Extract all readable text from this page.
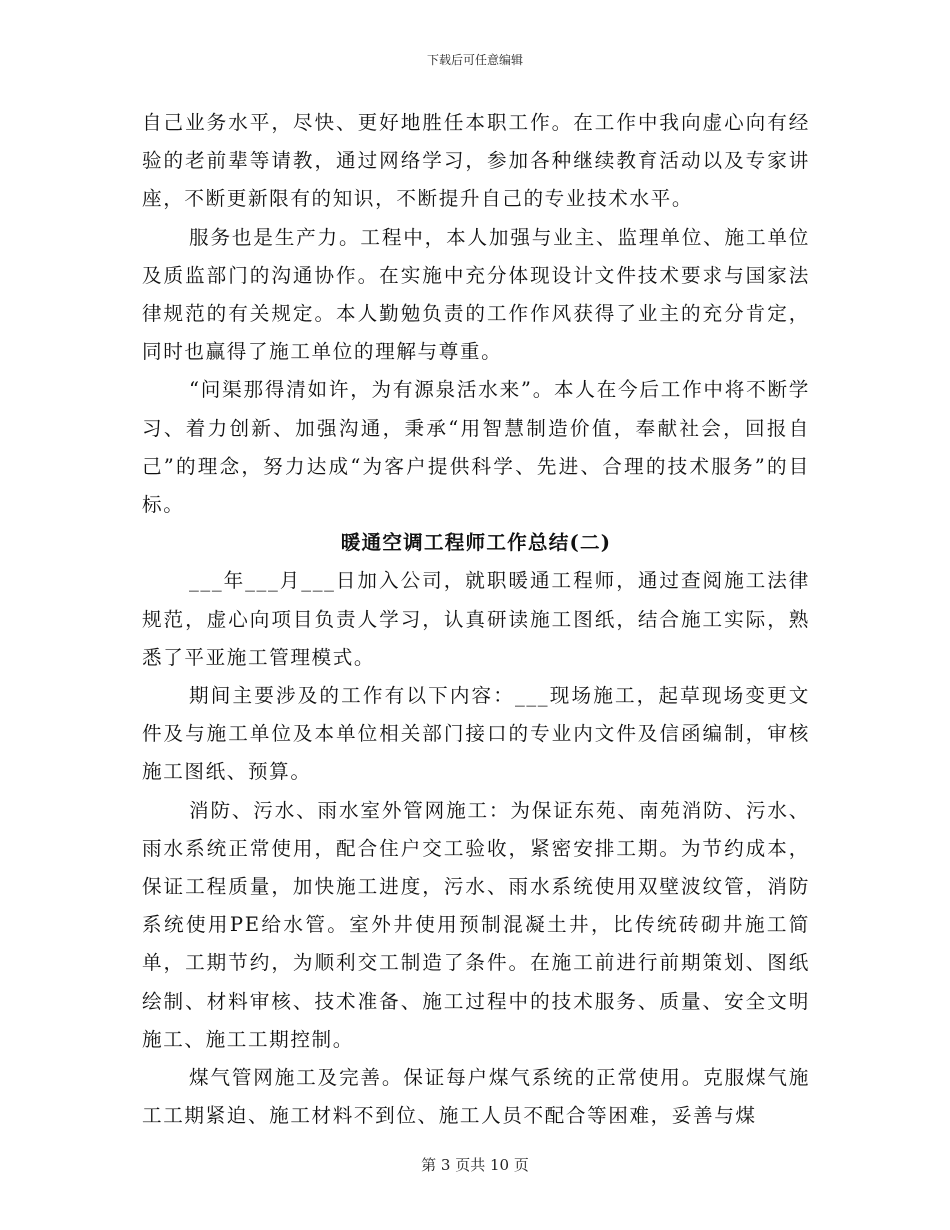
下载后可任意编辑

自己业务水平，尽快、更好地胜任本职工作。在工作中我向虚心向有经验的老前辈等请教，通过网络学习，参加各种继续教育活动以及专家讲座，不断更新限有的知识，不断提升自己的专业技术水平。

服务也是生产力。工程中，本人加强与业主、监理单位、施工单位及质监部门的沟通协作。在实施中充分体现设计文件技术要求与国家法律规范的有关规定。本人勤勉负责的工作作风获得了业主的充分肯定，同时也赢得了施工单位的理解与尊重。

“问渠那得清如许，为有源泉活水来”。本人在今后工作中将不断学习、着力创新、加强沟通，秉承“用智慧制造价值，奉献社会，回报自己”的理念，努力达成“为客户提供科学、先进、合理的技术服务”的目标。

暖通空调工程师工作总结(二)

___年___月___日加入公司，就职暖通工程师，通过查阅施工法律规范，虚心向项目负责人学习，认真研读施工图纸，结合施工实际，熟悉了平亚施工管理模式。

期间主要涉及的工作有以下内容：___现场施工，起草现场变更文件及与施工单位及本单位相关部门接口的专业内文件及信函编制，审核施工图纸、预算。

消防、污水、雨水室外管网施工：为保证东苑、南苑消防、污水、雨水系统正常使用，配合住户交工验收，紧密安排工期。为节约成本，保证工程质量，加快施工进度，污水、雨水系统使用双壁波纹管，消防系统使用PE给水管。室外井使用预制混凝土井，比传统砖砌井施工简单，工期节约，为顺利交工制造了条件。在施工前进行前期策划、图纸绘制、材料审核、技术准备、施工过程中的技术服务、质量、安全文明施工、施工工期控制。

煤气管网施工及完善。保证每户煤气系统的正常使用。克服煤气施工工期紧迫、施工材料不到位、施工人员不配合等困难，妥善与煤

第 3 页共 10 页
